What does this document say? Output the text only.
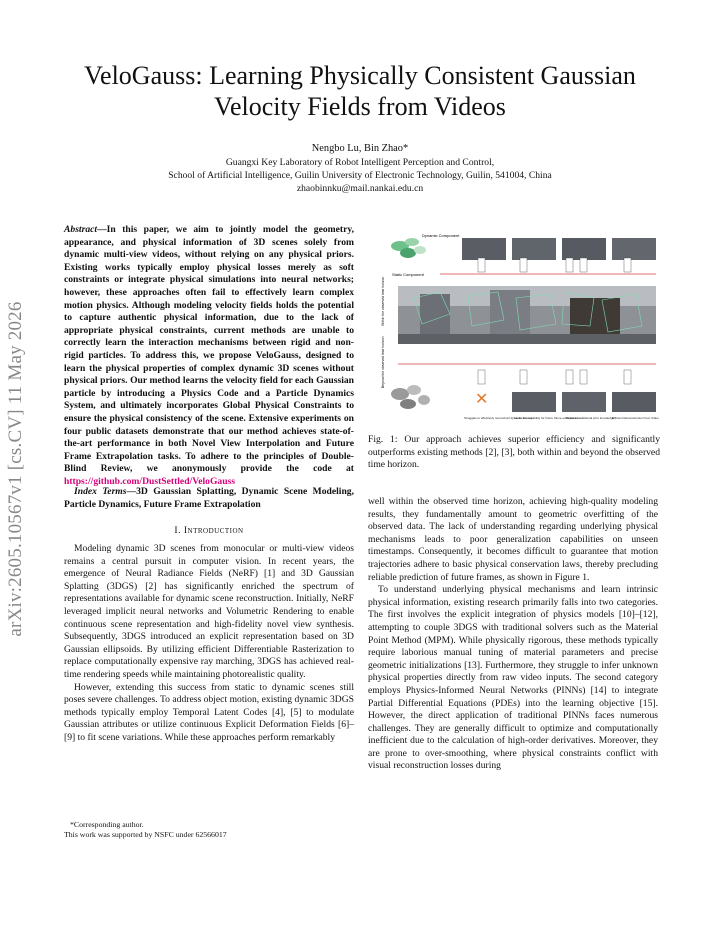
VeloGauss: Learning Physically Consistent Gaussian Velocity Fields from Videos
Nengbo Lu, Bin Zhao*
Guangxi Key Laboratory of Robot Intelligent Perception and Control,
School of Artificial Intelligence, Guilin University of Electronic Technology, Guilin, 541004, China
zhaobinnku@mail.nankai.edu.cn
arXiv:2605.10567v1 [cs.CV] 11 May 2026
Abstract—In this paper, we aim to jointly model the geometry, appearance, and physical information of 3D scenes solely from dynamic multi-view videos, without relying on any physical priors. Existing works typically employ physical losses merely as soft constraints or integrate physical simulations into neural networks; however, these approaches often fail to effectively learn complex motion physics. Although modeling velocity fields holds the potential to capture authentic physical information, due to the lack of appropriate physical constraints, current methods are unable to correctly learn the interaction mechanisms between rigid and non-rigid particles. To address this, we propose VeloGauss, designed to learn the physical properties of complex dynamic 3D scenes without physical priors. Our method learns the velocity field for each Gaussian particle by introducing a Physics Code and a Particle Dynamics System, and ultimately incorporates Global Physical Constraints to ensure the physical consistency of the scene. Extensive experiments on four public datasets demonstrate that our method achieves state-of-the-art performance in both Novel View Interpolation and Future Frame Extrapolation tasks. To adhere to the principles of Double-Blind Review, we anonymously provide the code at https://github.com/DustSettled/VeloGauss
Index Terms—3D Gaussian Splatting, Dynamic Scene Modeling, Particle Dynamics, Future Frame Extrapolation
I. Introduction

Modeling dynamic 3D scenes from monocular or multi-view videos remains a central pursuit in computer vision. In recent years, the emergence of Neural Radiance Fields (NeRF) [1] and 3D Gaussian Splatting (3DGS) [2] has significantly enriched the spectrum of representations available for dynamic scene reconstruction. Initially, NeRF leveraged implicit neural networks and Volumetric Rendering to enable continuous scene representation and high-fidelity novel view synthesis. Subsequently, 3DGS introduced an explicit representation based on 3D Gaussian ellipsoids. By utilizing efficient Differentiable Rasterization to replace computationally expensive ray marching, 3DGS has achieved real-time rendering speeds while maintaining photorealistic quality.

However, extending this success from static to dynamic scenes still poses severe challenges. To address object motion, existing dynamic 3DGS methods typically employ Temporal Latent Codes [4], [5] to modulate Gaussian attributes or utilize continuous Explicit Deformation Fields [6]–[9] to fit scene variations. While these approaches perform remarkably

*Corresponding author.
This work was supported by NSFC under 62566017
Dynamic Component
Static Component
Within the observed time horizon
Beyond the observed time horizon
✕
Struggles to effectively reconstruct dynamic scenes
Lacks the capability for future frame extrapolation
Relies on additional prior knowledge
Efficient Reconstruction from Video
Fig. 1: Our approach achieves superior efficiency and significantly outperforms existing methods [2], [3], both within and beyond the observed time horizon.

well within the observed time horizon, achieving high-quality modeling results, they fundamentally amount to geometric overfitting of the observed data. The lack of understanding regarding underlying physical mechanisms leads to poor generalization capabilities on unseen timestamps. Consequently, it becomes difficult to guarantee that motion trajectories adhere to basic physical conservation laws, thereby precluding reliable prediction of future frames, as shown in Figure 1.

To understand underlying physical mechanisms and learn intrinsic physical information, existing research primarily falls into two categories. The first involves the explicit integration of physics models [10]–[12], attempting to couple 3DGS with traditional solvers such as the Material Point Method (MPM). While physically rigorous, these methods typically require laborious manual tuning of material parameters and precise geometric initializations [13]. Furthermore, they struggle to infer unknown physical properties directly from raw video inputs. The second category employs Physics-Informed Neural Networks (PINNs) [14] to integrate Partial Differential Equations (PDEs) into the learning objective [15]. However, the direct application of traditional PINNs faces numerous challenges. They are generally difficult to optimize and computationally inefficient due to the calculation of high-order derivatives. Moreover, they are prone to over-smoothing, where physical constraints conflict with visual reconstruction losses during
